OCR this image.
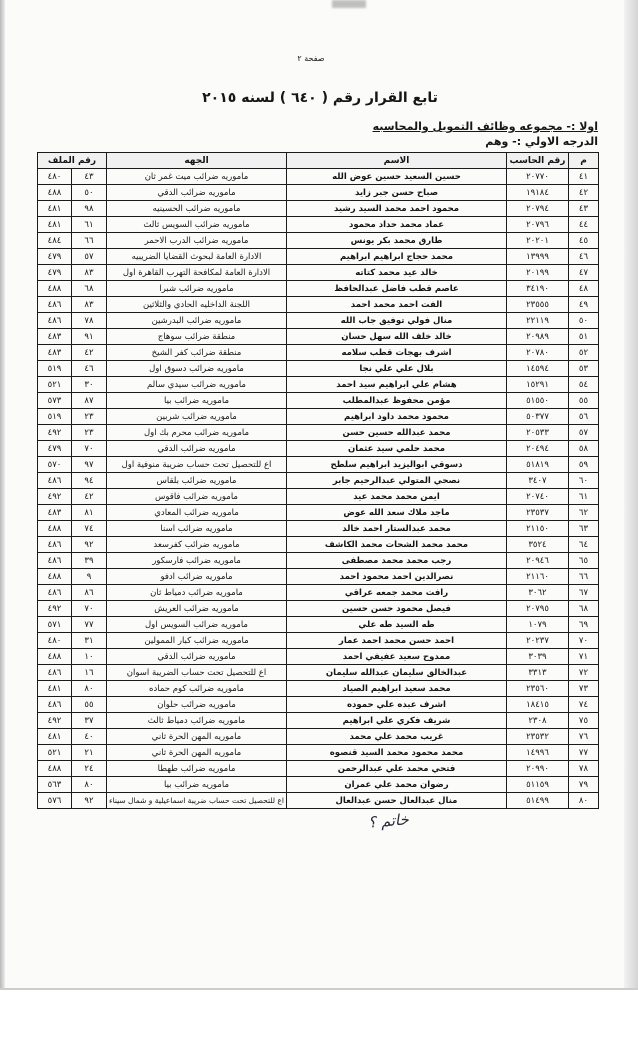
صفحة ٢
تابع القرار رقم ( ٦٤٠ ) لسنه ٢٠١٥
اولا :- مجموعه وظائف التمويل والمحاسبه
الدرجه الاولي :- وهم
م	رقم الحاسب	الاسم	الجهه	رقم الملف	
٤١	٢٠٧٧٠	حسين السعيد حسين عوض الله	ماموريه ضرائب ميت غمر ثان	٤٣	٤٨٠
٤٢	١٩١٨٤	صباح حسن جبر زايد	ماموريه ضرائب الدقي	٥٠	٤٨٨
٤٣	٢٠٧٩٤	محمود احمد محمد السيد رشيد	ماموريه ضرائب الحسينيه	٩٨	٤٨١
٤٤	٢٠٧٩٦	عماد محمد حداد محمود	ماموريه ضرائب السويس ثالث	٦١	٤٨١
٤٥	٢٠٢٠١	طارق محمد بكر يونس	ماموريه ضرائب الدرب الاحمر	٦٦	٤٨٤
٤٦	١٣٩٩٩	محمد حجاج ابراهيم ابراهيم	الادارة العامة لبحوث القضايا الضريبيه	٥٧	٤٧٩
٤٧	٢٠١٩٩	خالد عيد محمد كتاته	الادارة العامة لمكافحة التهرب القاهرة اول	٨٣	٤٧٩
٤٨	٣٤١٩٠	عاصم قطب فاضل عبدالحافظ	ماموريه ضرائب شبرا	٦٨	٤٨٨
٤٩	٢٣٥٥٥	الفت احمد محمد احمد	اللجنة الداخليه الحادي والثلاثين	٨٣	٤٨٦
٥٠	٢٢١١٩	منال فولي توفيق جاب الله	ماموريه ضرائب البدرشين	٧٨	٤٨٦
٥١	٢٠٩٨٩	خالد خلف الله سهل حسان	منطقة ضرائب سوهاج	٩١	٤٨٣
٥٢	٢٠٧٨٠	اشرف بهجات قطب سلامه	منطقة ضرائب كفر الشيخ	٤٢	٤٨٣
٥٣	١٤٥٩٤	بلال علي علي نجا	ماموريه ضرائب دسوق اول	٤٦	٥١٩
٥٤	١٥٢٩١	هشام علي ابراهيم سيد احمد	ماموريه ضرائب سيدي سالم	٣٠	٥٢١
٥٥	٥١٥٥٠	مؤمن محفوظ عبدالمطلب	ماموريه ضرائب بيا	٨٧	٥٧٣
٥٦	٥٠٣٧٧	محمود محمد داود ابراهيم	ماموريه ضرائب شربين	٢٣	٥١٩
٥٧	٢٠٥٣٣	محمد عبدالله حسين حسن	ماموريه ضرائب محرم بك اول	٢٣	٤٩٢
٥٨	٢٠٤٩٤	محمد حلمي سيد عثمان	ماموريه ضرائب الدقي	٧٠	٤٧٩
٥٩	٥١٨١٩	دسوقي ابواليزيد ابراهيم سلطح	اع للتحصيل تحت حساب ضريبة منوفية اول	٩٧	٥٧٠
٦٠	٣٤٠٧	نصحي المتولي عبدالرحيم جابر	ماموريه ضرائب بلقاس	٩٤	٤٨٦
٦١	٢٠٧٤٠	ايمن محمد محمد عيد	ماموريه ضرائب فاقوس	٤٢	٤٩٢
٦٢	٢٣٥٣٧	ماجد ملاك سعد الله عوض	ماموريه ضرائب المعادي	٨١	٤٨٣
٦٣	٢١١٥٠	محمد عبدالستار احمد خالد	ماموريه ضرائب اسنا	٧٤	٤٨٨
٦٤	٣٥٢٤	محمد محمد الشحات محمد الكاشف	ماموريه ضرائب كفرسعد	٩٢	٤٨٦
٦٥	٢٠٩٤٦	رجب محمد محمد مصطفى	ماموريه ضرائب فارسكور	٣٩	٤٨٦
٦٦	٢١١٦٠	نصرالدين احمد محمود احمد	ماموريه ضرائب ادفو	٩	٤٨٨
٦٧	٣٠٦٢	رافت محمد جمعه عراقي	ماموريه ضرائب دمياط ثان	٨٦	٤٨٦
٦٨	٢٠٧٩٥	فيصل محمود حسن حسين	ماموريه ضرائب العريش	٧٠	٤٩٢
٦٩	١٠٧٩	طه السيد طه علي	ماموريه ضرائب السويس اول	٧٧	٥٧١
٧٠	٢٠٢٣٧	احمد حسن محمد احمد عمار	ماموريه ضرائب كبار الممولين	٣١	٤٨٠
٧١	٣٠٣٩	ممدوح سعيد عفيفي احمد	ماموريه ضرائب الدقي	١٠	٤٨٨
٧٢	٣٣١٣	عبدالخالق سليمان عبدالله سليمان	اع للتحصيل تحت حساب الضريبة اسوان	١٦	٤٨٦
٧٣	٢٣٥٦٠	محمد سعيد ابراهيم الصياد	ماموريه ضرائب كوم حماده	٨٠	٤٨١
٧٤	١٨٤١٥	اشرف عبده علي حموده	ماموريه ضرائب حلوان	٥٥	٤٨٦
٧٥	٢٣٠٨	شريف فكري علي ابراهيم	ماموريه ضرائب دمياط ثالث	٣٧	٤٩٢
٧٦	٢٣٥٣٢	غريب محمد علي محمد	ماموريه المهن الحرة ثاني	٤٠	٤٨١
٧٧	١٤٩٩٦	محمد محمود محمد السيد قنصوه	ماموريه المهن الحرة ثاني	٢١	٥٢١
٧٨	٢٠٩٩٠	فتحي محمد علي عبدالرحمن	ماموريه ضرائب طهطا	٢٤	٤٨٨
٧٩	٥١١٥٩	رضوان محمد علي عمران	ماموريه ضرائب بيا	٨٠	٥٦٣
٨٠	٥١٤٩٩	منال عبدالعال حسن عبدالعال	اع للتحصيل تحت حساب ضريبة اسماعيلية و شمال سيناء	٩٢	٥٧٦
خاتم ؟
